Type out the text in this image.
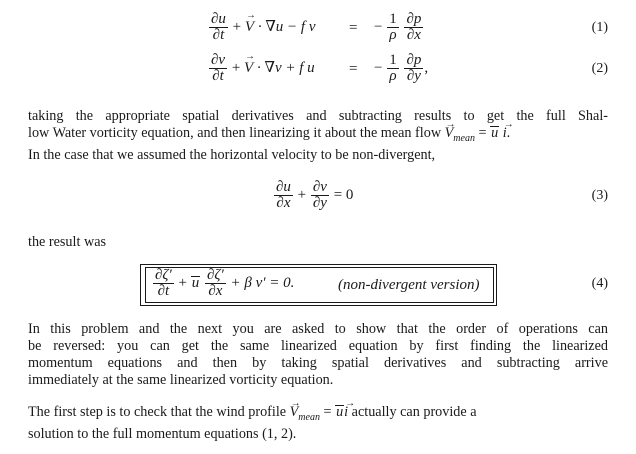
$\frac{\partial u}{\partial t}$ + → V · ∇u − f v = − $\frac{1}{\rho}$
$\frac{\partial p}{\partial x}$	(1)
$\frac{\partial v}{\partial t}$ + → V · ∇v + f u = − $\frac{1}{\rho}$
$\frac{\partial p}{\partial y}$ ,	(2)
taking the appropriate spatial derivatives and subtracting results to get the full Shal-
low Water vorticity equation, and then linearizing it about the mean flow → $V_{mean} = u \to i$.
In the case that we assumed the horizontal velocity to be non-divergent,
$\frac{\partial u}{\partial x} + \frac{\partial v}{\partial y} = 0$	(3)
the result was
$\frac{\partial\zeta'}{\partial t} + u \frac{\partial\zeta'}{\partial x} + \beta$ v′ = 0.	(non-divergent version)	(4)
In this problem and the next you are asked to show that the order of operations can
be reversed: you can get the same linearized equation by first finding the linearized
momentum equations and then by taking spatial derivatives and subtracting arrive
immediately at the same linearized vorticity equation.
The first step is to check that the wind profile → $V_{mean} = u\to i$ actually can provide a
solution to the full momentum equations (1, 2).
